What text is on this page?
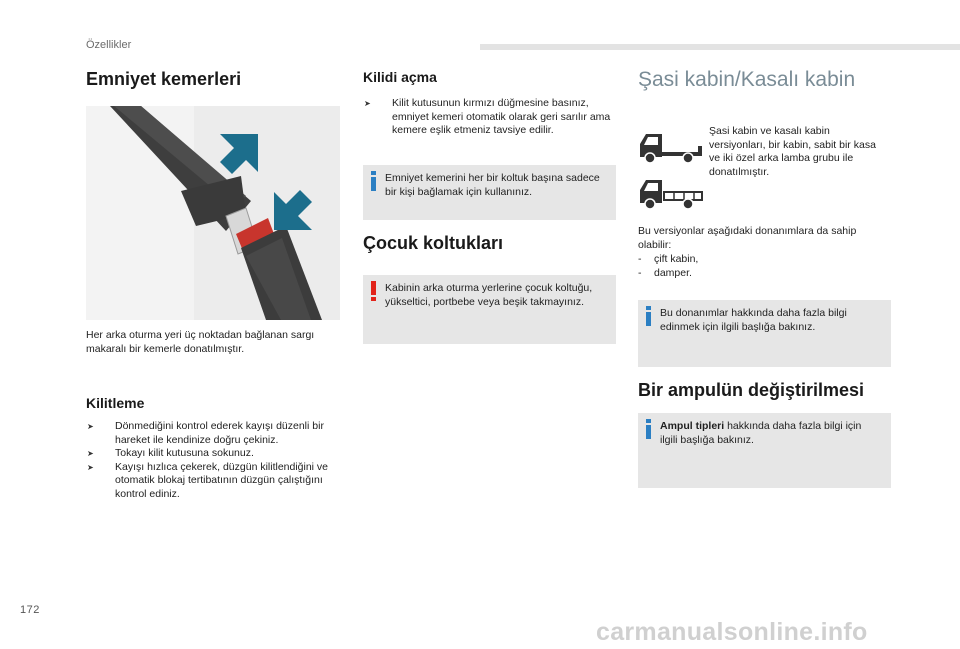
Özellikler
Emniyet kemerleri

Her arka oturma yeri üç noktadan bağlanan sargı makaralı bir kemerle donatılmıştır.

Kilitleme
➤ Dönmediğini kontrol ederek kayışı düzenli bir hareket ile kendinize doğru çekiniz.
➤ Tokayı kilit kutusuna sokunuz.
➤ Kayışı hızlıca çekerek, düzgün kilitlendiğini ve otomatik blokaj tertibatının düzgün çalıştığını kontrol ediniz.
Kilidi açma
➤ Kilit kutusunun kırmızı düğmesine basınız, emniyet kemeri otomatik olarak geri sarılır ama kemere eşlik etmeniz tavsiye edilir.
Emniyet kemerini her bir koltuk başına sadece bir kişi bağlamak için kullanınız.
Çocuk koltukları
Kabinin arka oturma yerlerine çocuk koltuğu, yükseltici, portbebe veya beşik takmayınız.
Şasi kabin/Kasalı kabin

Şasi kabin ve kasalı kabin versiyonları, bir kabin, sabit bir kasa ve iki özel arka lamba grubu ile donatılmıştır.

Bu versiyonlar aşağıdaki donanımlara da sahip olabilir:

- çift kabin,
- damper.
Bu donanımlar hakkında daha fazla bilgi edinmek için ilgili başlığa bakınız.
Bir ampulün değiştirilmesi
Ampul tipleri hakkında daha fazla bilgi için ilgili başlığa bakınız.
172
carmanualsonline.info
